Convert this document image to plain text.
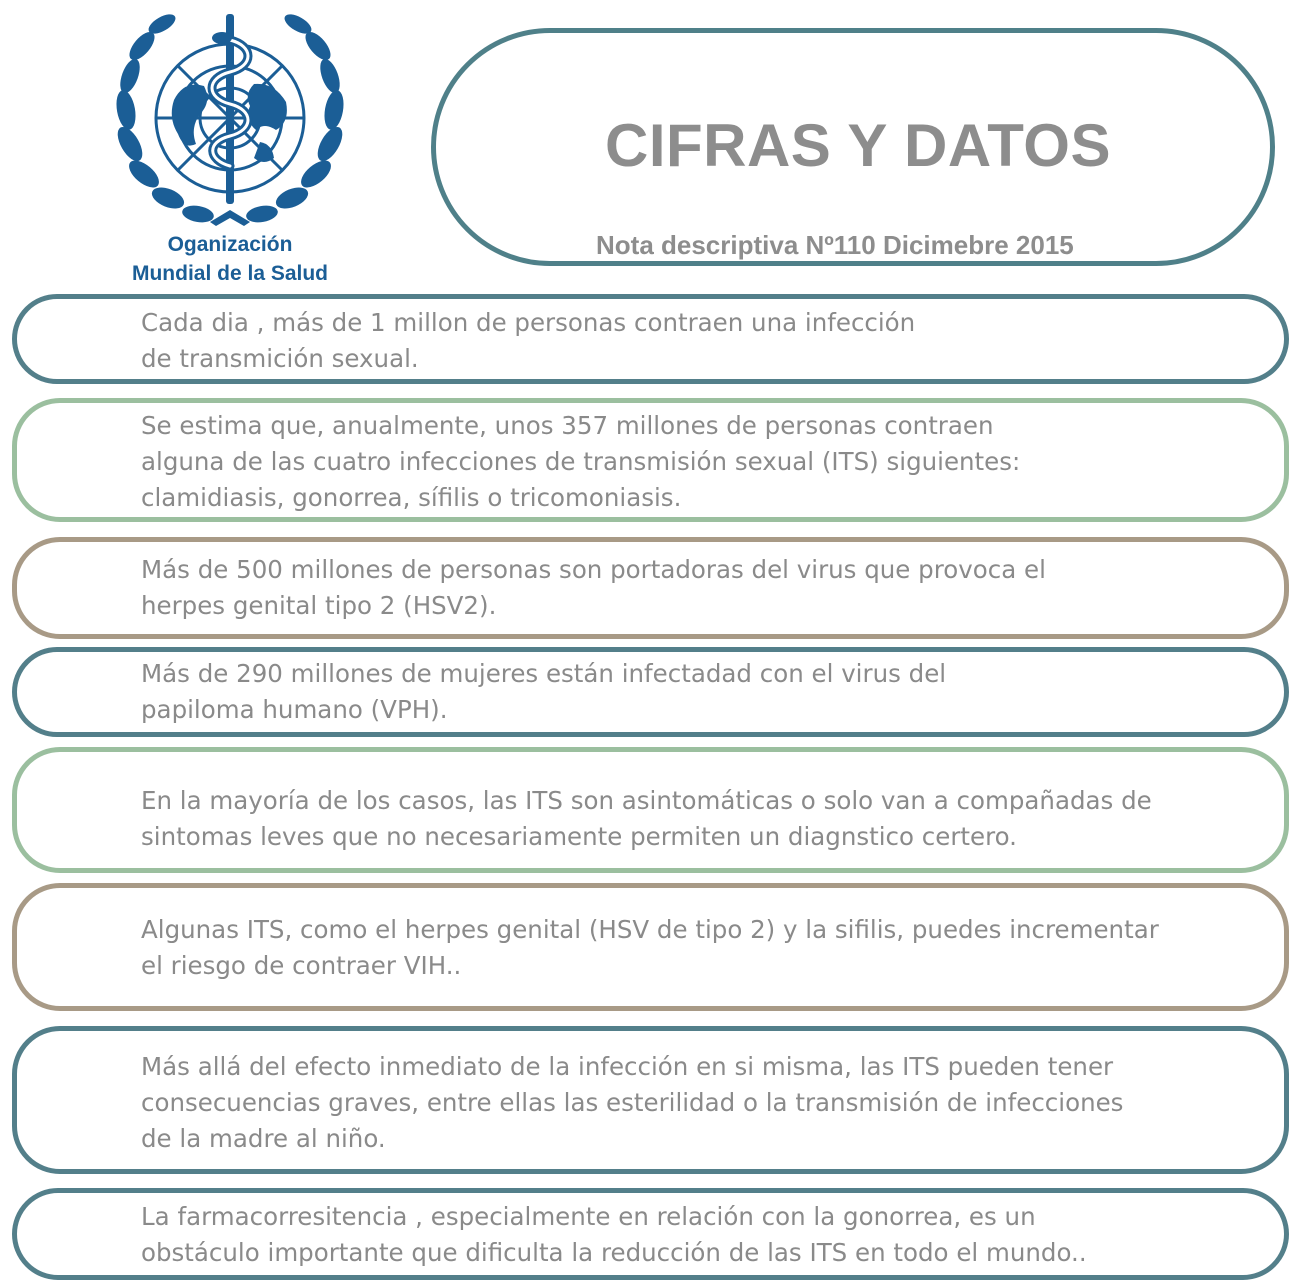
Oganización
Mundial de la Salud
CIFRAS Y DATOS
Nota descriptiva Nº110 Dicimebre 2015
Cada dia , más de 1 millon de personas contraen una infección
de transmición sexual.
Se estima que, anualmente, unos 357 millones de personas contraen
alguna de las cuatro infecciones de transmisión sexual (ITS) siguientes:
clamidiasis, gonorrea, sífilis o tricomoniasis.
Más de 500 millones de personas son portadoras del virus que provoca el
herpes genital tipo 2 (HSV2).
Más de 290 millones de mujeres están infectadad con el virus del
papiloma humano (VPH).
En la mayoría de los casos, las ITS son asintomáticas o solo van a compañadas de
sintomas leves que no necesariamente permiten un diagnstico certero.
Algunas ITS, como el herpes genital (HSV de tipo 2) y la sifilis, puedes incrementar
el riesgo de contraer VIH..
Más allá del efecto inmediato de la infección en si misma, las ITS pueden tener
consecuencias graves, entre ellas las esterilidad o la transmisión de infecciones
de la madre al niño.
La farmacorresitencia , especialmente en relación con la gonorrea, es un
obstáculo importante que dificulta la reducción de las ITS en todo el mundo..
